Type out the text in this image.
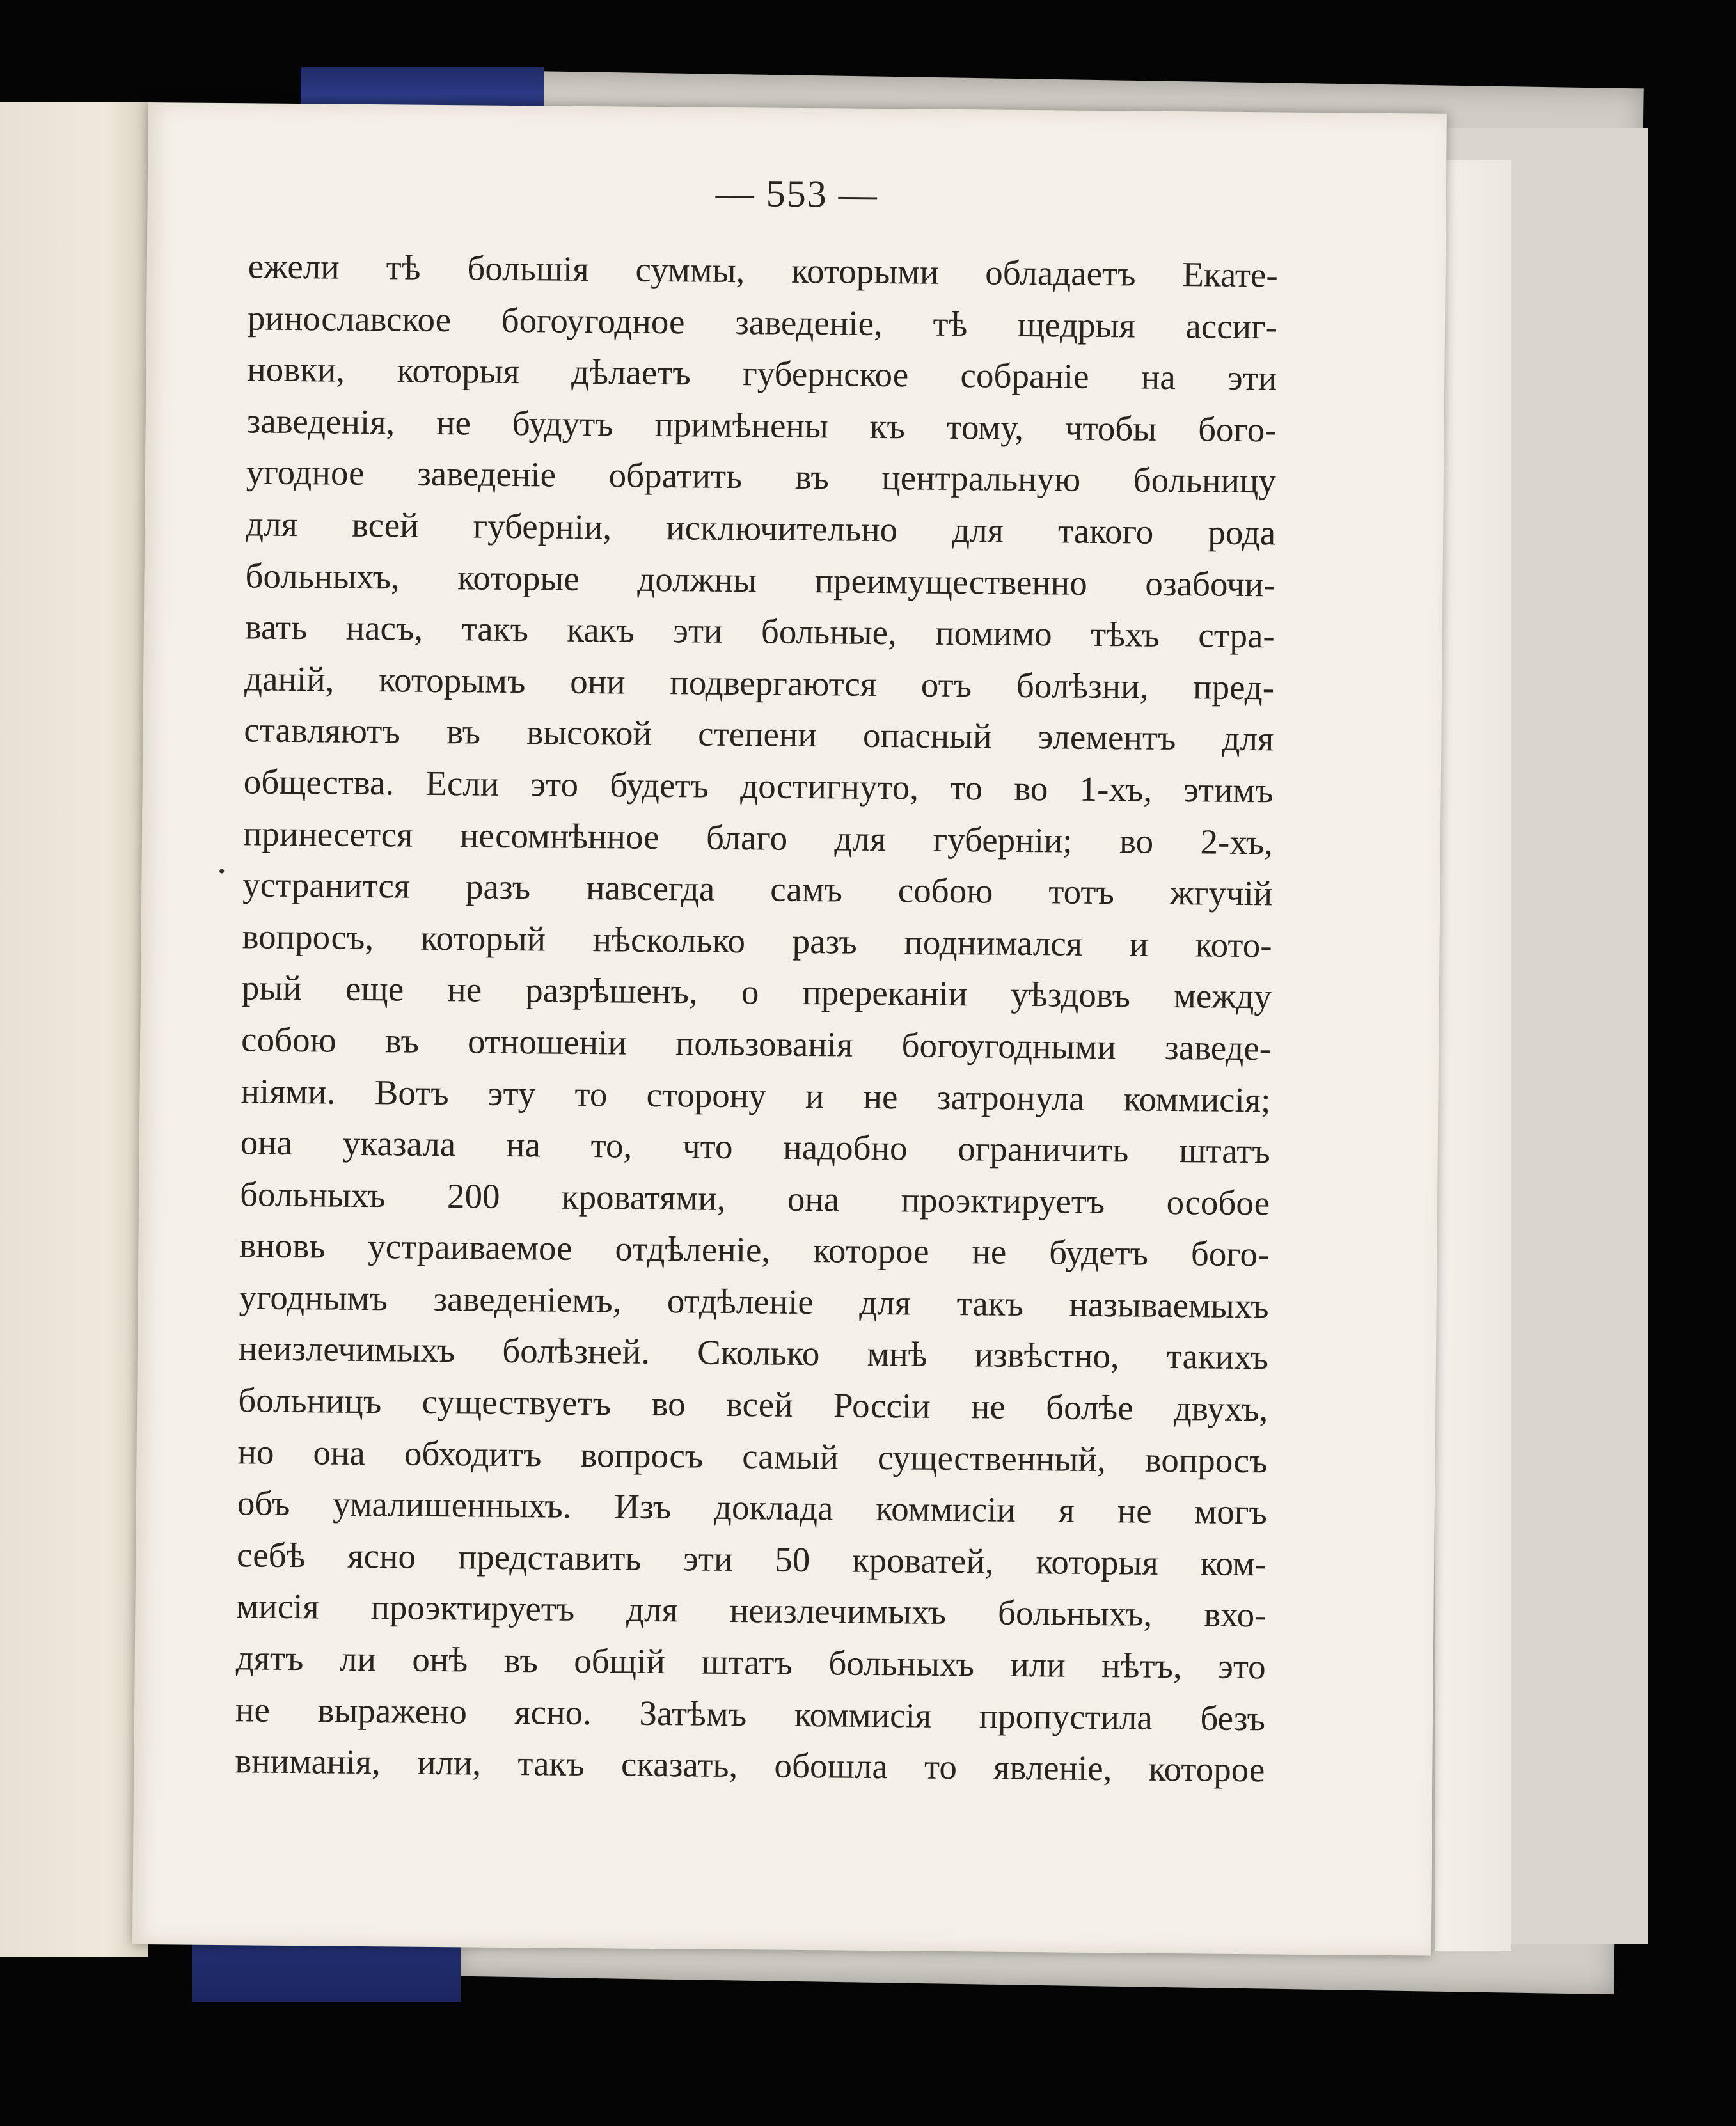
— 553 —
•
ежели тѣ большія суммы, которыми обладаетъ Екате-
ринославское богоугодное заведеніе, тѣ щедрыя ассиг-
новки, которыя дѣлаетъ губернское собраніе на эти
заведенія, не будутъ примѣнены къ тому, чтобы бого-
угодное заведеніе обратить въ центральную больницу
для всей губерніи, исключительно для такого рода
больныхъ, которые должны преимущественно озабочи-
вать насъ, такъ какъ эти больные, помимо тѣхъ стра-
даній, которымъ они подвергаются отъ болѣзни, пред-
ставляютъ въ высокой степени опасный элементъ для
общества. Если это будетъ достигнуто, то во 1-хъ, этимъ
принесется несомнѣнное благо для губерніи; во 2-хъ,
устранится разъ навсегда самъ собою тотъ жгучій
вопросъ, который нѣсколько разъ поднимался и кото-
рый еще не разрѣшенъ, о пререканіи уѣздовъ между
собою въ отношеніи пользованія богоугодными заведе-
ніями. Вотъ эту то сторону и не затронула коммисія;
она указала на то, что надобно ограничить штатъ
больныхъ 200 кроватями, она проэктируетъ особое
вновь устраиваемое отдѣленіе, которое не будетъ бого-
угоднымъ заведеніемъ, отдѣленіе для такъ называемыхъ
неизлечимыхъ болѣзней. Сколько мнѣ извѣстно, такихъ
больницъ существуетъ во всей Россіи не болѣе двухъ,
но она обходитъ вопросъ самый существенный, вопросъ
объ умалишенныхъ. Изъ доклада коммисіи я не могъ
себѣ ясно представить эти 50 кроватей, которыя ком-
мисія проэктируетъ для неизлечимыхъ больныхъ, вхо-
дятъ ли онѣ въ общій штатъ больныхъ или нѣтъ, это
не выражено ясно. Затѣмъ коммисія пропустила безъ
вниманія, или, такъ сказать, обошла то явленіе, которое
